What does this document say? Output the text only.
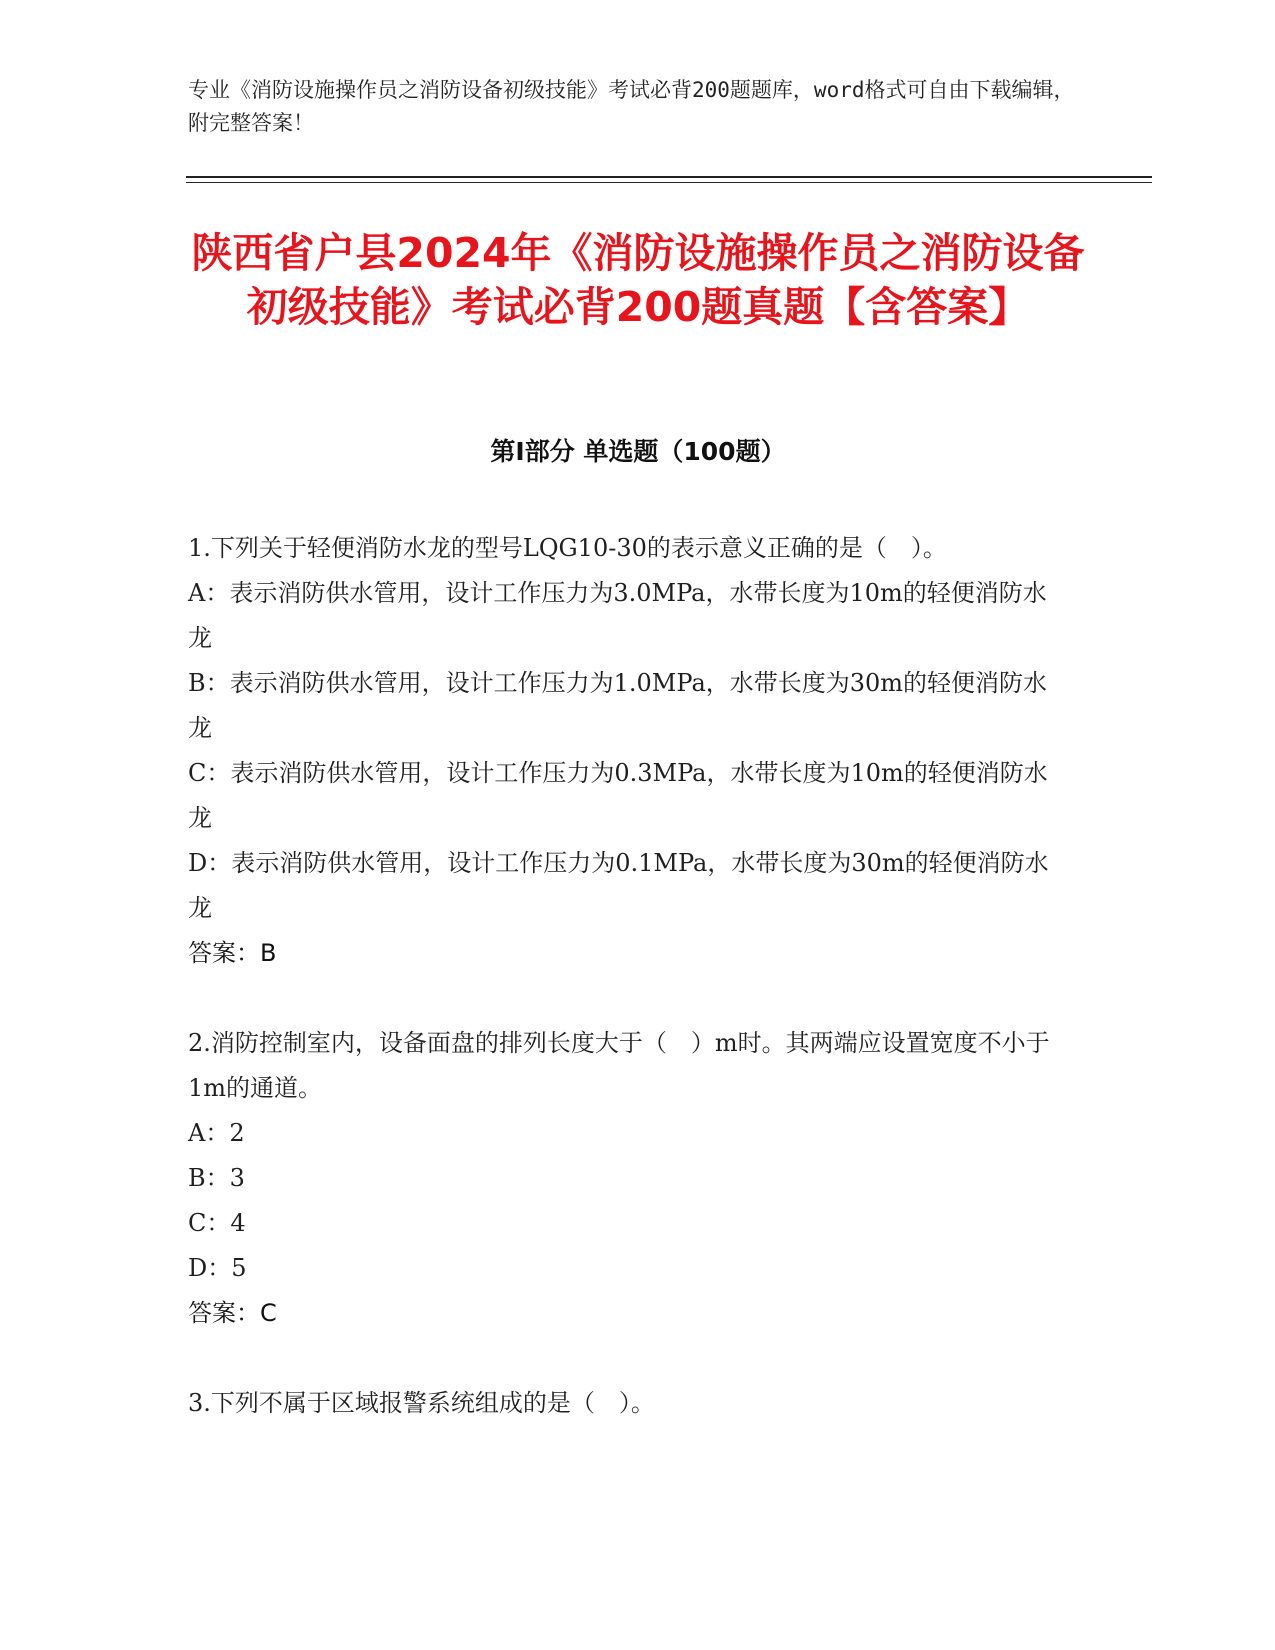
专业《消防设施操作员之消防设备初级技能》考试必背200题题库，word格式可自由下载编辑，附完整答案！
陕西省户县2024年《消防设施操作员之消防设备初级技能》考试必背200题真题【含答案】
第I部分 单选题（100题）

1.下列关于轻便消防水龙的型号LQG10-30的表示意义正确的是（　）。

A：表示消防供水管用，设计工作压力为3.0MPa，水带长度为10m的轻便消防水龙

B：表示消防供水管用，设计工作压力为1.0MPa，水带长度为30m的轻便消防水龙

C：表示消防供水管用，设计工作压力为0.3MPa，水带长度为10m的轻便消防水龙

D：表示消防供水管用，设计工作压力为0.1MPa，水带长度为30m的轻便消防水龙

答案：B

2.消防控制室内，设备面盘的排列长度大于（　）m时。其两端应设置宽度不小于1m的通道。

A：2

B：3

C：4

D：5

答案：C

3.下列不属于区域报警系统组成的是（　）。
